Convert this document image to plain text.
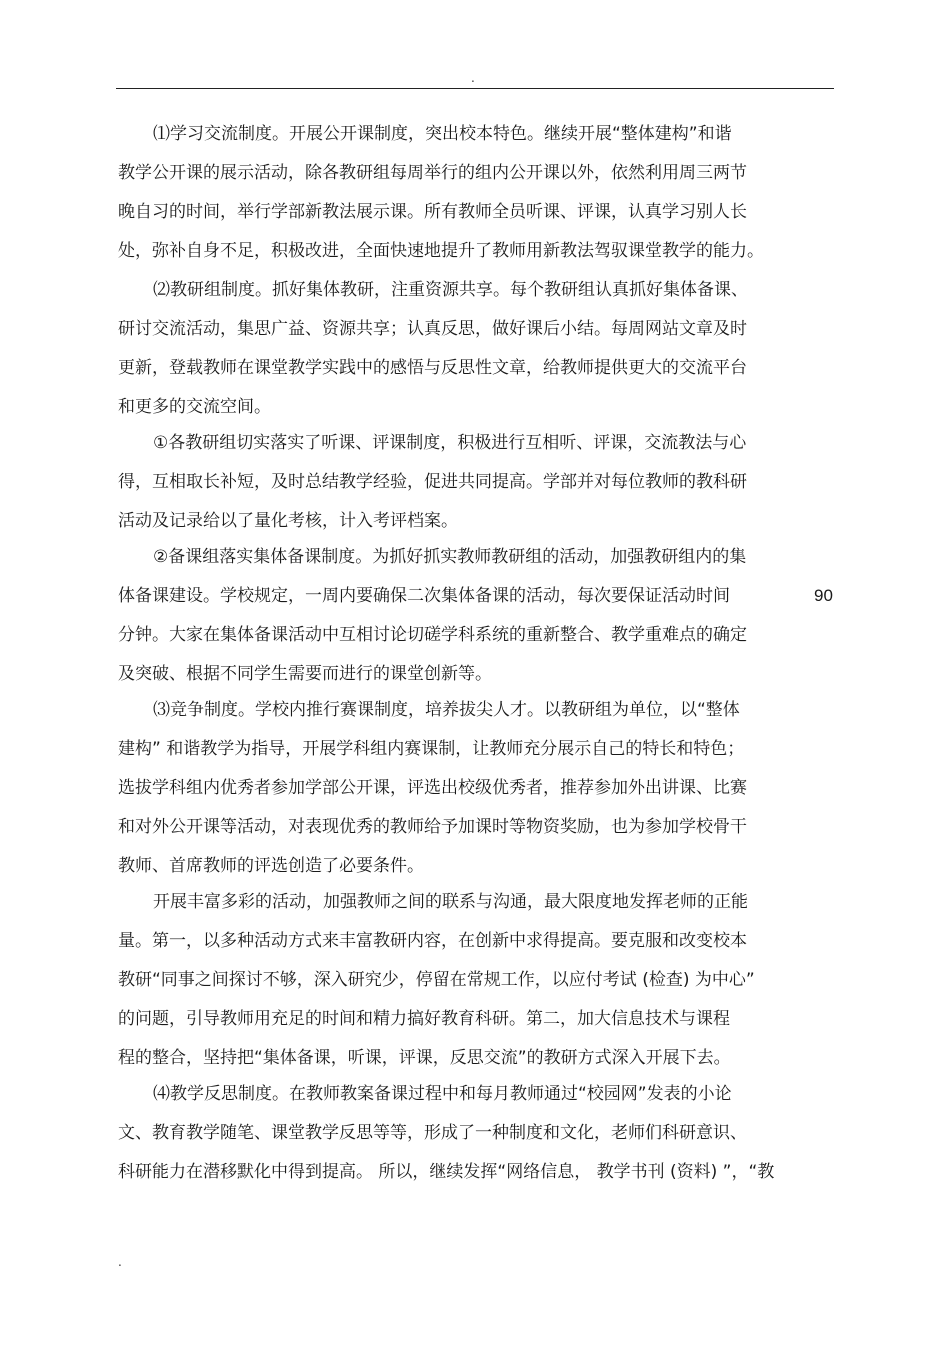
.
⑴学习交流制度。开展公开课制度，突出校本特色。继续开展“整体建构”和谐
教学公开课的展示活动，除各教研组每周举行的组内公开课以外，依然利用周三两节
晚自习的时间，举行学部新教法展示课。所有教师全员听课、评课，认真学习别人长
处，弥补自身不足，积极改进，全面快速地提升了教师用新教法驾驭课堂教学的能力。
⑵教研组制度。抓好集体教研，注重资源共享。每个教研组认真抓好集体备课、
研讨交流活动，集思广益、资源共享；认真反思，做好课后小结。每周网站文章及时
更新，登载教师在课堂教学实践中的感悟与反思性文章，给教师提供更大的交流平台
和更多的交流空间。
①各教研组切实落实了听课、评课制度，积极进行互相听、评课，交流教法与心
得，互相取长补短，及时总结教学经验，促进共同提高。学部并对每位教师的教科研
活动及记录给以了量化考核，计入考评档案。
②备课组落实集体备课制度。为抓好抓实教师教研组的活动，加强教研组内的集
体备课建设。学校规定，一周内要确保二次集体备课的活动，每次要保证活动时间
分钟。大家在集体备课活动中互相讨论切磋学科系统的重新整合、教学重难点的确定
及突破、根据不同学生需要而进行的课堂创新等。
⑶竞争制度。学校内推行赛课制度，培养拔尖人才。以教研组为单位，以“整体
建构” 和谐教学为指导，开展学科组内赛课制，让教师充分展示自己的特长和特色；
选拔学科组内优秀者参加学部公开课，评选出校级优秀者，推荐参加外出讲课、比赛
和对外公开课等活动，对表现优秀的教师给予加课时等物资奖励，也为参加学校骨干
教师、首席教师的评选创造了必要条件。
开展丰富多彩的活动，加强教师之间的联系与沟通，最大限度地发挥老师的正能
量。第一，以多种活动方式来丰富教研内容，在创新中求得提高。要克服和改变校本
教研“同事之间探讨不够，深入研究少，停留在常规工作，以应付考试 (检查) 为中心”
的问题，引导教师用充足的时间和精力搞好教育科研。第二，加大信息技术与课程
程的整合，坚持把“集体备课，听课，评课，反思交流”的教研方式深入开展下去。
⑷教学反思制度。在教师教案备课过程中和每月教师通过“校园网”发表的小论
文、教育教学随笔、课堂教学反思等等，形成了一种制度和文化，老师们科研意识、
科研能力在潜移默化中得到提高。 所以，继续发挥“网络信息， 教学书刊 (资料) ”，“教
90
.
